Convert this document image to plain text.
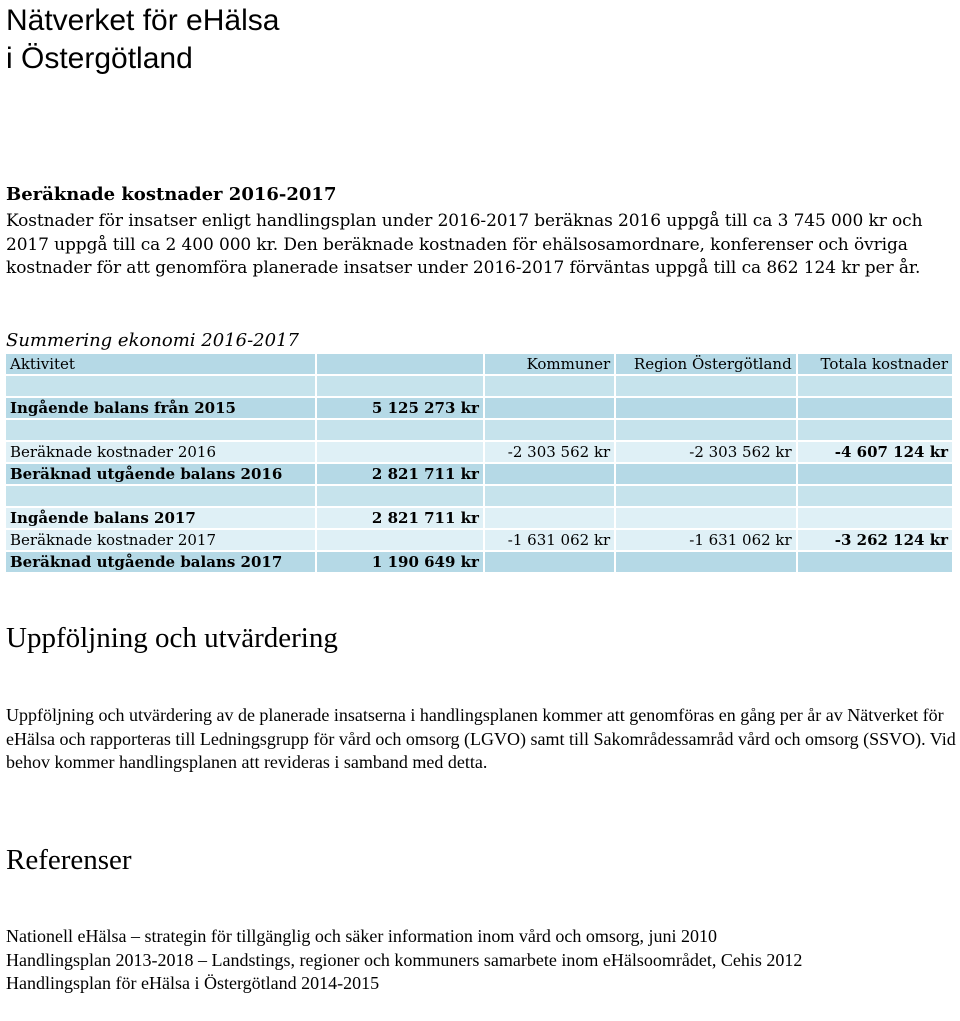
Nätverket för eHälsa
i Östergötland
Beräknade kostnader 2016-2017

Kostnader för insatser enligt handlingsplan under 2016-2017 beräknas 2016 uppgå till ca 3 745 000 kr och 2017 uppgå till ca 2 400 000 kr. Den beräknade kostnaden för ehälsosamordnare, konferenser och övriga kostnader för att genomföra planerade insatser under 2016-2017 förväntas uppgå till ca 862 124 kr per år.

Summering ekonomi 2016-2017

Aktivitet		Kommuner	Region Östergötland	Totala kostnader

Ingående balans från 2015	5 125 273 kr			

Beräknade kostnader 2016		-2 303 562 kr	-2 303 562 kr	-4 607 124 kr
Beräknad utgående balans 2016	2 821 711 kr			

Ingående balans 2017	2 821 711 kr			
Beräknade kostnader 2017		-1 631 062 kr	-1 631 062 kr	-3 262 124 kr
Beräknad utgående balans 2017	1 190 649 kr			
Uppföljning och utvärdering

Uppföljning och utvärdering av de planerade insatserna i handlingsplanen kommer att genomföras en gång per år av Nätverket för eHälsa och rapporteras till Ledningsgrupp för vård och omsorg (LGVO) samt till Sakområdessamråd vård och omsorg (SSVO). Vid behov kommer handlingsplanen att revideras i samband med detta.

Referenser
Nationell eHälsa – strategin för tillgänglig och säker information inom vård och omsorg, juni 2010
Handlingsplan 2013-2018 – Landstings, regioner och kommuners samarbete inom eHälsoområdet, Cehis 2012
Handlingsplan för eHälsa i Östergötland 2014-2015
